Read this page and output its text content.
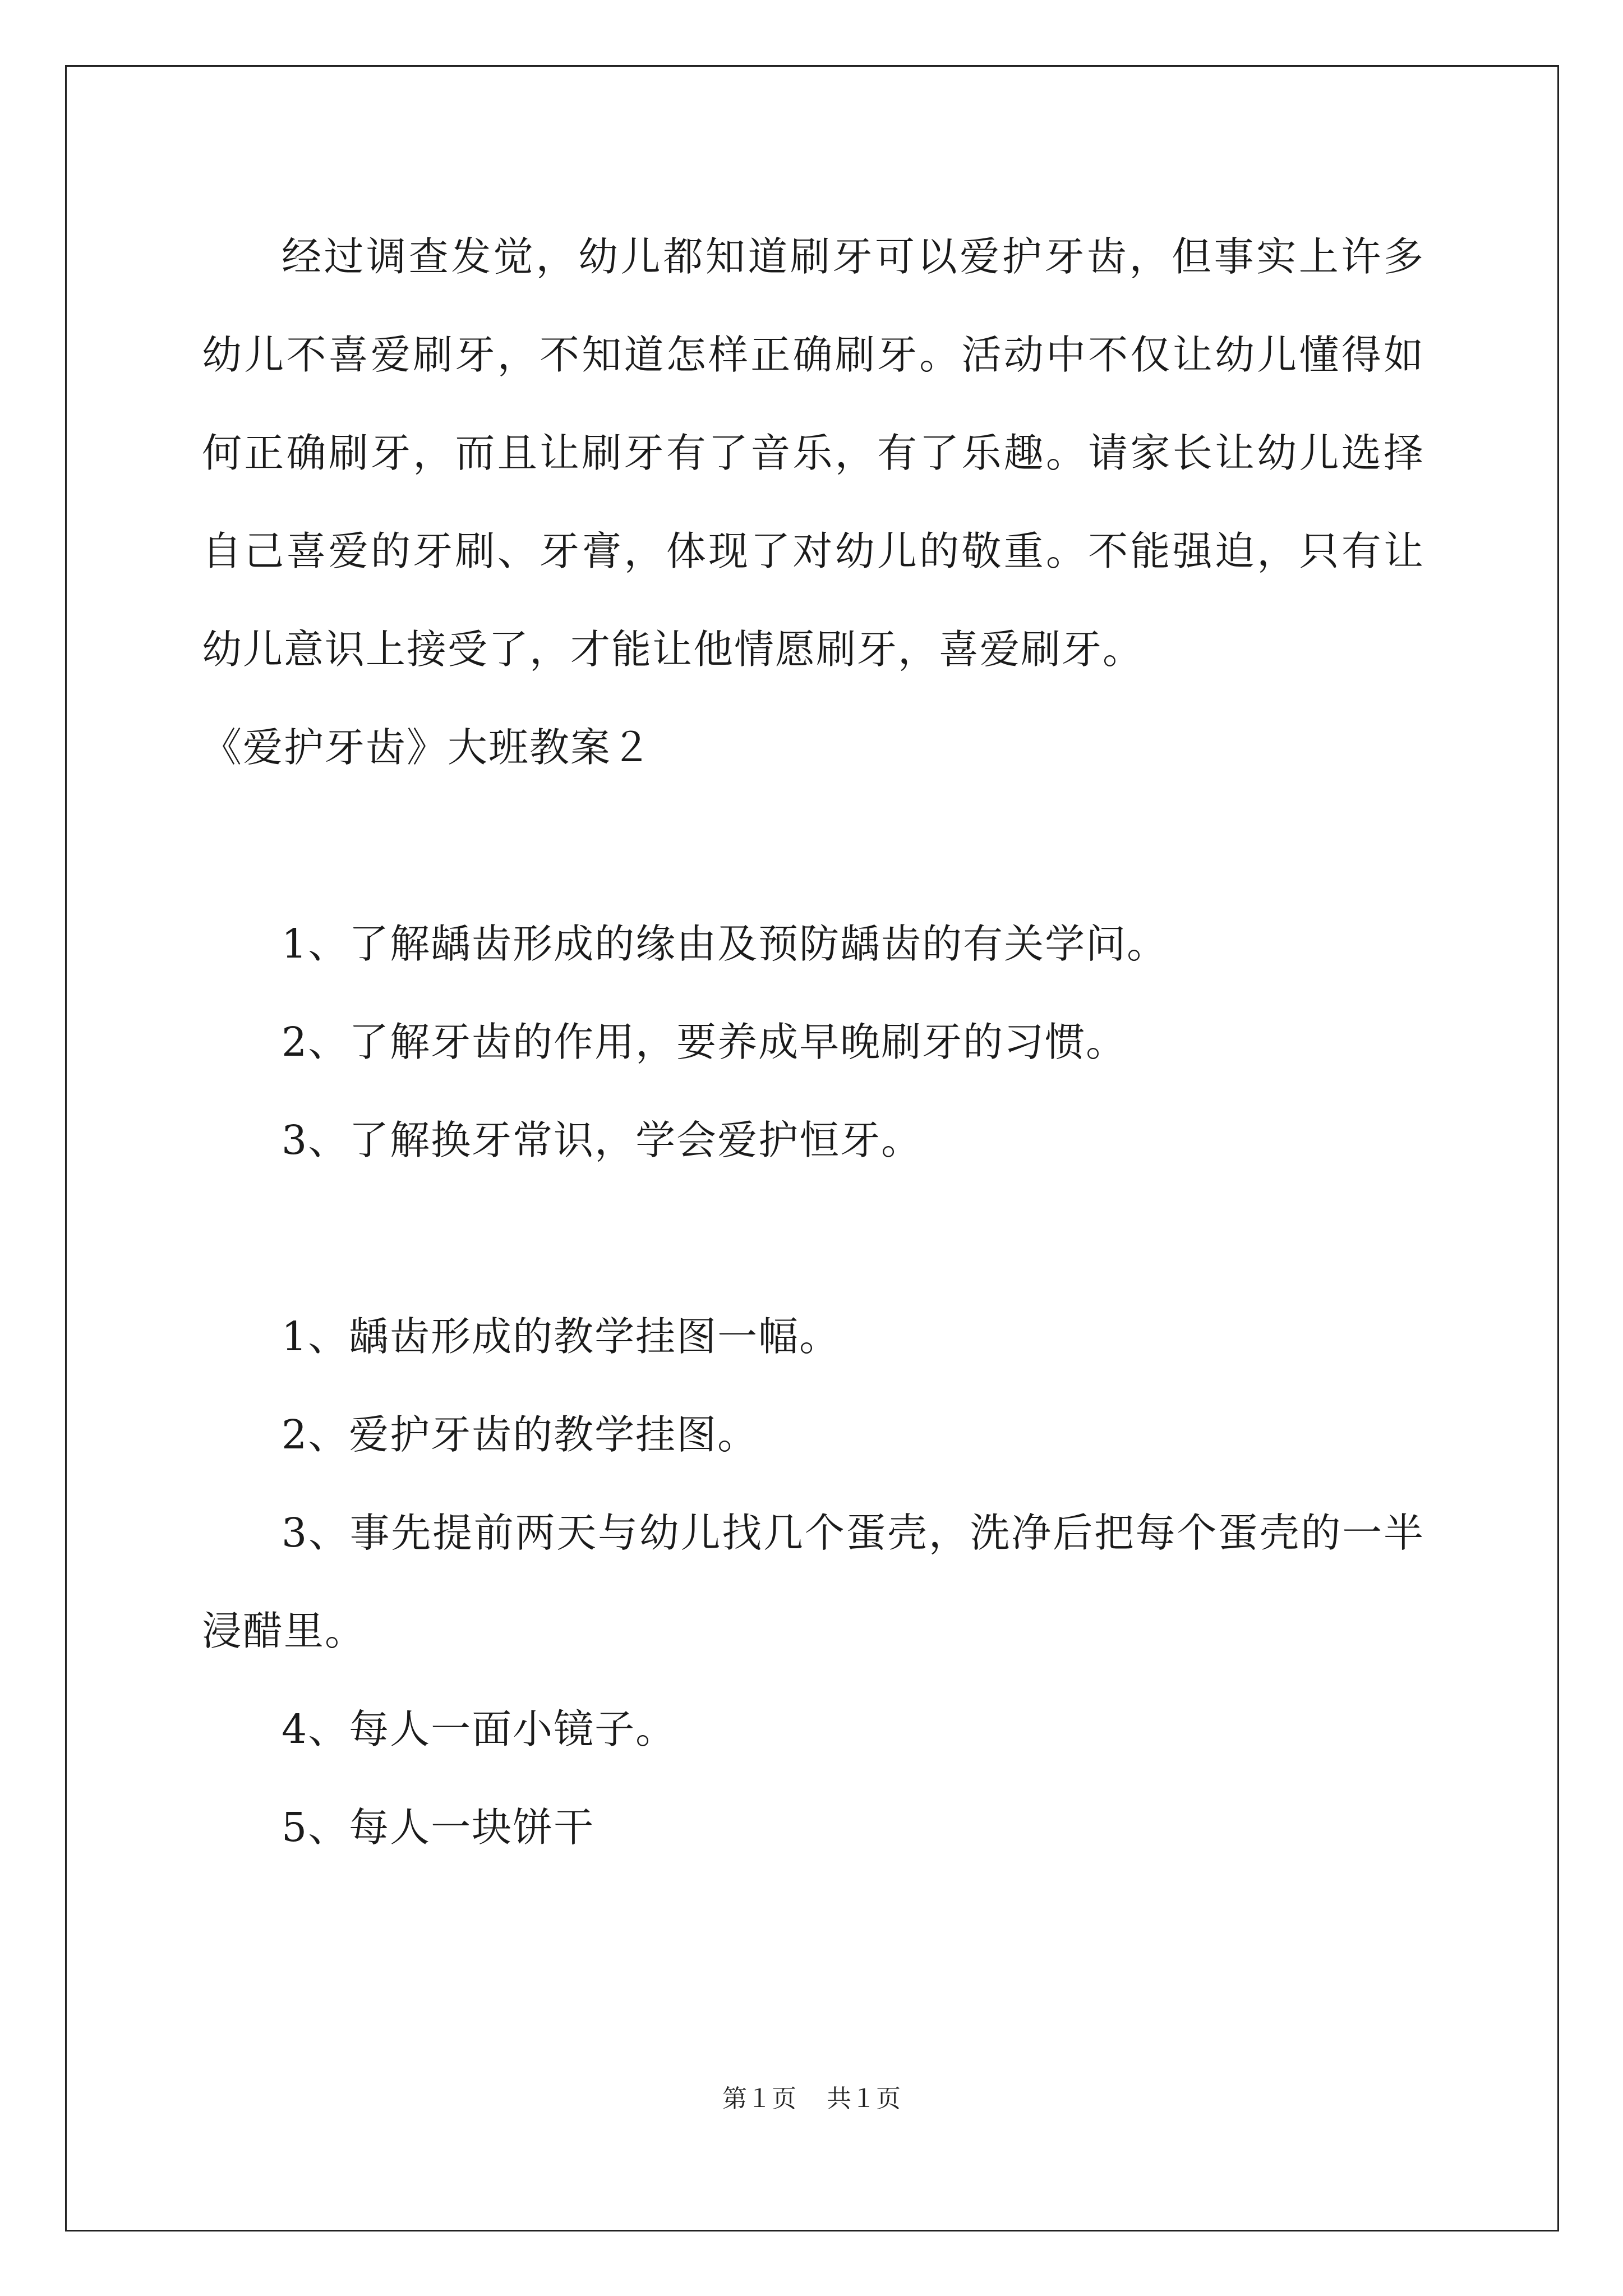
经过调查发觉，幼儿都知道刷牙可以爱护牙齿，但事实上许多幼儿不喜爱刷牙，不知道怎样正确刷牙。活动中不仅让幼儿懂得如何正确刷牙，而且让刷牙有了音乐，有了乐趣。请家长让幼儿选择自己喜爱的牙刷、牙膏，体现了对幼儿的敬重。不能强迫，只有让幼儿意识上接受了，才能让他情愿刷牙，喜爱刷牙。

《爱护牙齿》大班教案２

1、了解龋齿形成的缘由及预防龋齿的有关学问。

2、了解牙齿的作用，要养成早晚刷牙的习惯。

3、了解换牙常识，学会爱护恒牙。

1、龋齿形成的教学挂图一幅。

2、爱护牙齿的教学挂图。

3、事先提前两天与幼儿找几个蛋壳，洗净后把每个蛋壳的一半浸醋里。

4、每人一面小镜子。

5、每人一块饼干

第１页 共１页
